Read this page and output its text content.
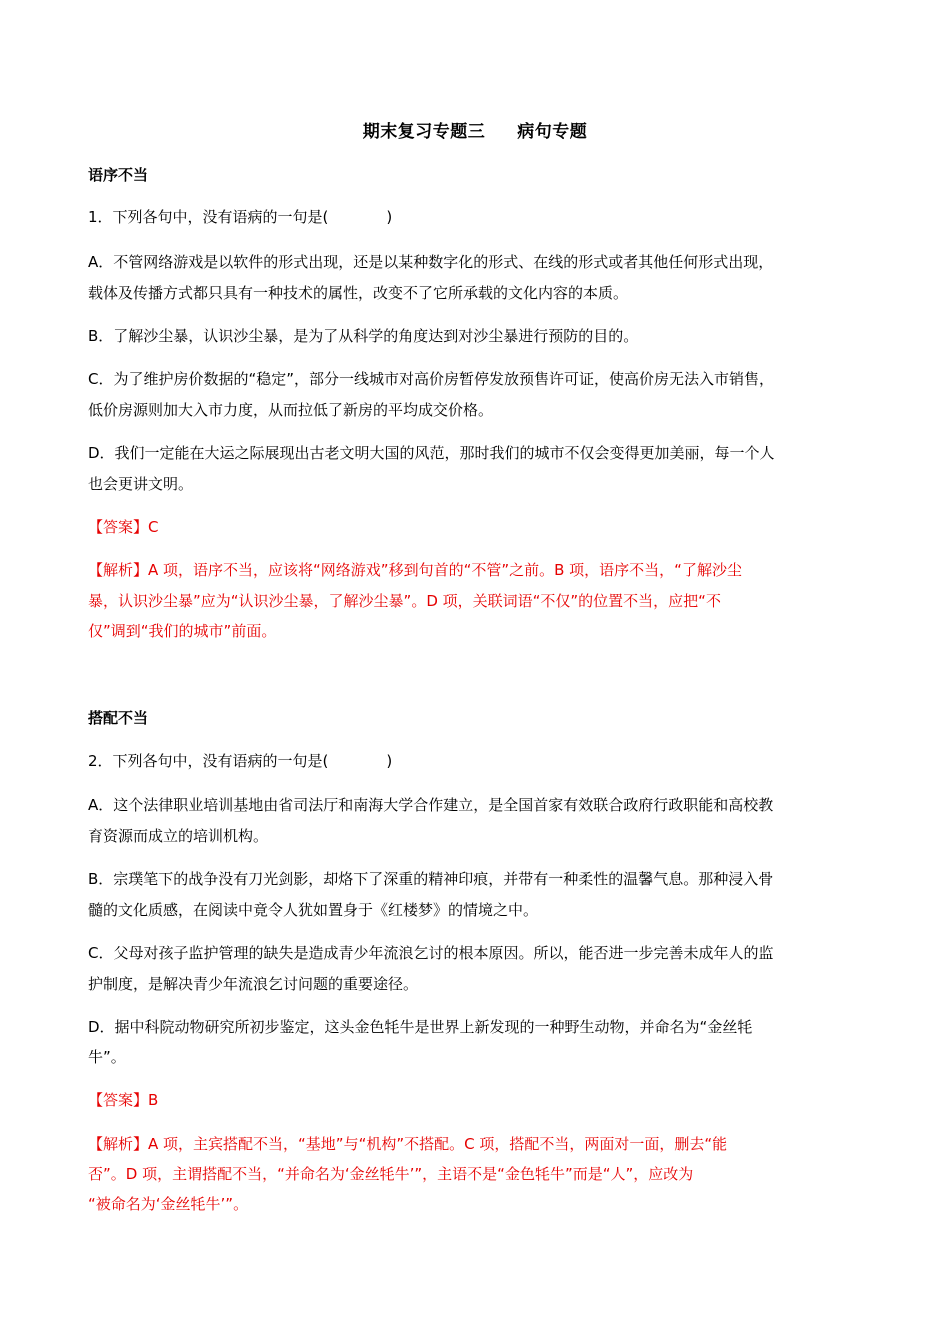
期末复习专题三     病句专题
语序不当
1．下列各句中，没有语病的一句是(	)
A．不管网络游戏是以软件的形式出现，还是以某种数字化的形式、在线的形式或者其他任何形式出现，
载体及传播方式都只具有一种技术的属性，改变不了它所承载的文化内容的本质。
B．了解沙尘暴，认识沙尘暴，是为了从科学的角度达到对沙尘暴进行预防的目的。
C．为了维护房价数据的“稳定”，部分一线城市对高价房暂停发放预售许可证，使高价房无法入市销售，
低价房源则加大入市力度，从而拉低了新房的平均成交价格。
D．我们一定能在大运之际展现出古老文明大国的风范，那时我们的城市不仅会变得更加美丽，每一个人
也会更讲文明。
【答案】C
【解析】A 项，语序不当，应该将“网络游戏”移到句首的“不管”之前。B 项，语序不当，“了解沙尘
暴，认识沙尘暴”应为“认识沙尘暴，了解沙尘暴”。D 项，关联词语“不仅”的位置不当，应把“不
仅”调到“我们的城市”前面。
搭配不当
2．下列各句中，没有语病的一句是(	)
A．这个法律职业培训基地由省司法厅和南海大学合作建立，是全国首家有效联合政府行政职能和高校教
育资源而成立的培训机构。
B．宗璞笔下的战争没有刀光剑影，却烙下了深重的精神印痕，并带有一种柔性的温馨气息。那种浸入骨
髓的文化质感，在阅读中竟令人犹如置身于《红楼梦》的情境之中。
C．父母对孩子监护管理的缺失是造成青少年流浪乞讨的根本原因。所以，能否进一步完善未成年人的监
护制度，是解决青少年流浪乞讨问题的重要途径。
D．据中科院动物研究所初步鉴定，这头金色牦牛是世界上新发现的一种野生动物，并命名为“金丝牦
牛”。
【答案】B
【解析】A 项，主宾搭配不当，“基地”与“机构”不搭配。C 项，搭配不当，两面对一面，删去“能
否”。D 项，主谓搭配不当，“并命名为‘金丝牦牛’”，主语不是“金色牦牛”而是“人”，应改为
“被命名为‘金丝牦牛’”。
